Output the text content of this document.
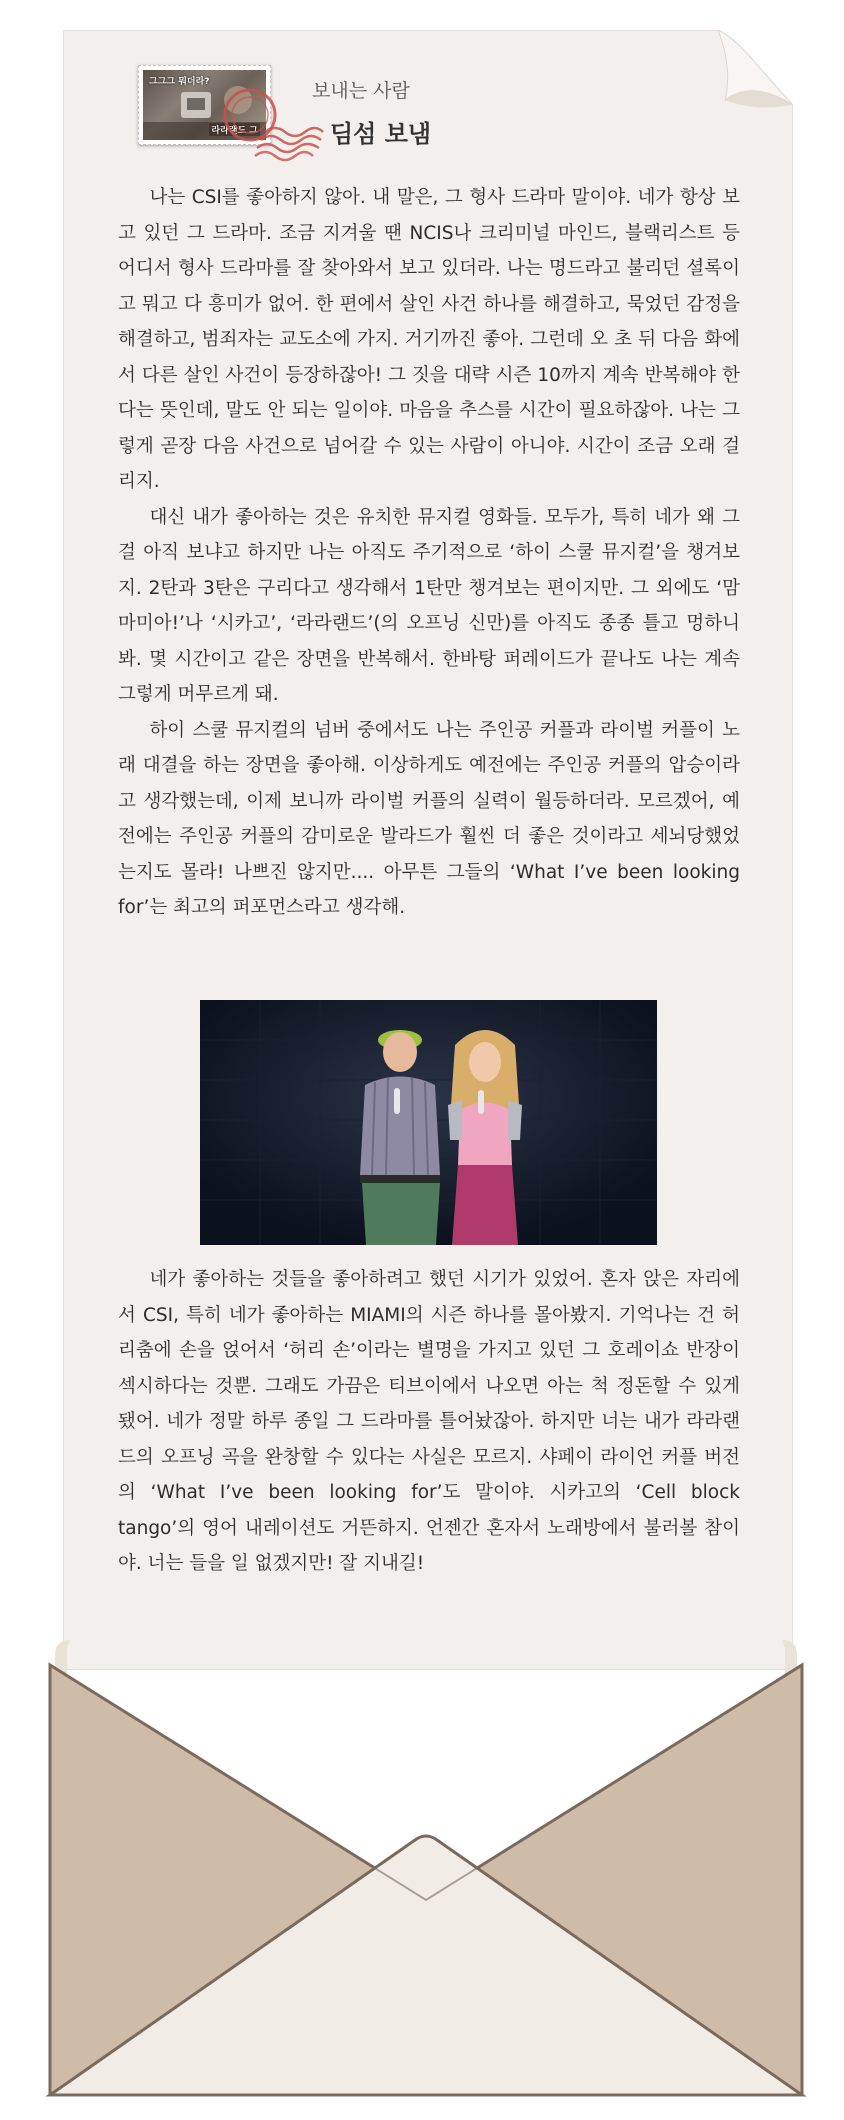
그그그 뭐더라?
라라랜드 그
보내는 사람
딤섬 보냄

나는 CSI를 좋아하지 않아. 내 말은, 그 형사 드라마 말이야. 네가 항상 보고 있던 그 드라마. 조금 지겨울 땐 NCIS나 크리미널 마인드, 블랙리스트 등 어디서 형사 드라마를 잘 찾아와서 보고 있더라. 나는 명드라고 불리던 셜록이고 뭐고 다 흥미가 없어. 한 편에서 살인 사건 하나를 해결하고, 묵었던 감정을 해결하고, 범죄자는 교도소에 가지. 거기까진 좋아. 그런데 오 초 뒤 다음 화에서 다른 살인 사건이 등장하잖아! 그 짓을 대략 시즌 10까지 계속 반복해야 한다는 뜻인데, 말도 안 되는 일이야. 마음을 추스를 시간이 필요하잖아. 나는 그렇게 곧장 다음 사건으로 넘어갈 수 있는 사람이 아니야. 시간이 조금 오래 걸리지.

대신 내가 좋아하는 것은 유치한 뮤지컬 영화들. 모두가, 특히 네가 왜 그걸 아직 보냐고 하지만 나는 아직도 주기적으로 ‘하이 스쿨 뮤지컬’을 챙겨보지. 2탄과 3탄은 구리다고 생각해서 1탄만 챙겨보는 편이지만. 그 외에도 ‘맘마미아!’나 ‘시카고’, ‘라라랜드’(의 오프닝 신만)를 아직도 종종 틀고 멍하니 봐. 몇 시간이고 같은 장면을 반복해서. 한바탕 퍼레이드가 끝나도 나는 계속 그렇게 머무르게 돼.

하이 스쿨 뮤지컬의 넘버 중에서도 나는 주인공 커플과 라이벌 커플이 노래 대결을 하는 장면을 좋아해. 이상하게도 예전에는 주인공 커플의 압승이라고 생각했는데, 이제 보니까 라이벌 커플의 실력이 월등하더라. 모르겠어, 예전에는 주인공 커플의 감미로운 발라드가 훨씬 더 좋은 것이라고 세뇌당했었는지도 몰라! 나쁘진 않지만.... 아무튼 그들의 ‘What I’ve been looking for’는 최고의 퍼포먼스라고 생각해.

네가 좋아하는 것들을 좋아하려고 했던 시기가 있었어. 혼자 앉은 자리에서 CSI, 특히 네가 좋아하는 MIAMI의 시즌 하나를 몰아봤지. 기억나는 건 허리춤에 손을 얹어서 ‘허리 손’이라는 별명을 가지고 있던 그 호레이쇼 반장이 섹시하다는 것뿐. 그래도 가끔은 티브이에서 나오면 아는 척 정돈할 수 있게 됐어. 네가 정말 하루 종일 그 드라마를 틀어놨잖아. 하지만 너는 내가 라라랜드의 오프닝 곡을 완창할 수 있다는 사실은 모르지. 샤페이 라이언 커플 버전의 ‘What I’ve been looking for’도 말이야. 시카고의 ‘Cell block tango’의 영어 내레이션도 거뜬하지. 언젠간 혼자서 노래방에서 불러볼 참이야. 너는 들을 일 없겠지만! 잘 지내길!
